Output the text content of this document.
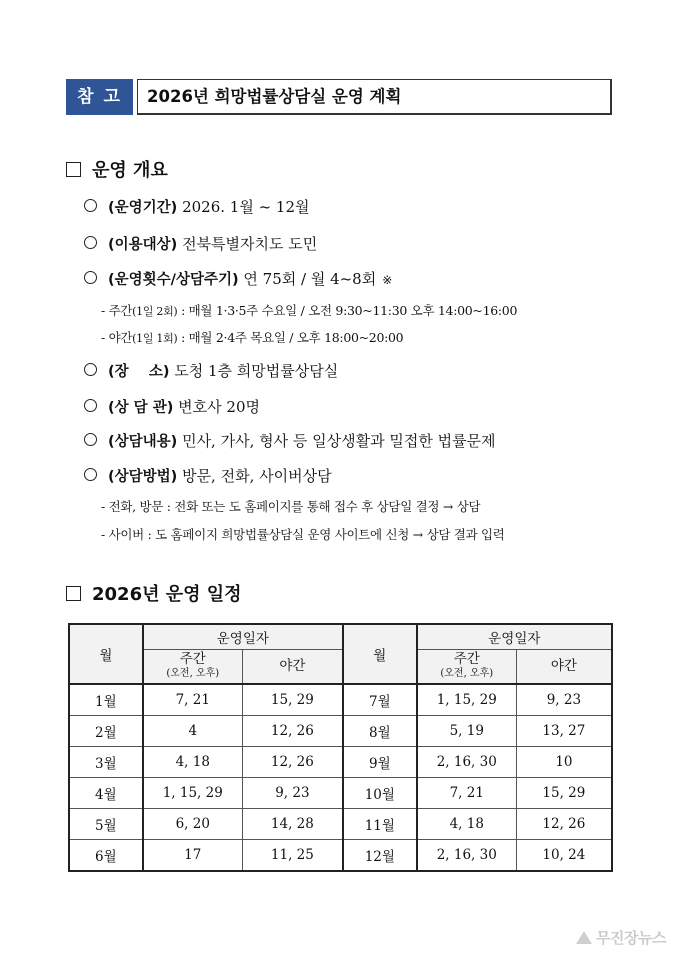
참 고	2026년 희망법률상담실 운영 계획
운영 개요
(운영기간) 2026. 1월 ~ 12월
(이용대상) 전북특별자치도 도민
(운영횟수/상담주기) 연 75회 / 월 4~8회 ※
- 주간(1일 2회) : 매월 1·3·5주 수요일 / 오전 9:30~11:30 오후 14:00~16:00
- 야간(1일 1회) : 매월 2·4주 목요일 / 오후 18:00~20:00
(장    소) 도청 1층 희망법률상담실
(상 담 관) 변호사 20명
(상담내용) 민사, 가사, 형사 등 일상생활과 밀접한 법률문제
(상담방법) 방문, 전화, 사이버상담
- 전화, 방문 : 전화 또는 도 홈페이지를 통해 접수 후 상담일 결정 → 상담
- 사이버 : 도 홈페이지 희망법률상담실 운영 사이트에 신청 → 상담 결과 입력
2026년 운영 일정
월	운영일자		월	운영일자	
	주간
(오전, 오후)	야간		주간
(오전, 오후)	야간
1월	7, 21	15, 29	7월	1, 15, 29	9, 23
2월	4	12, 26	8월	5, 19	13, 27
3월	4, 18	12, 26	9월	2, 16, 30	10
4월	1, 15, 29	9, 23	10월	7, 21	15, 29
5월	6, 20	14, 28	11월	4, 18	12, 26
6월	17	11, 25	12월	2, 16, 30	10, 24
무진장뉴스
